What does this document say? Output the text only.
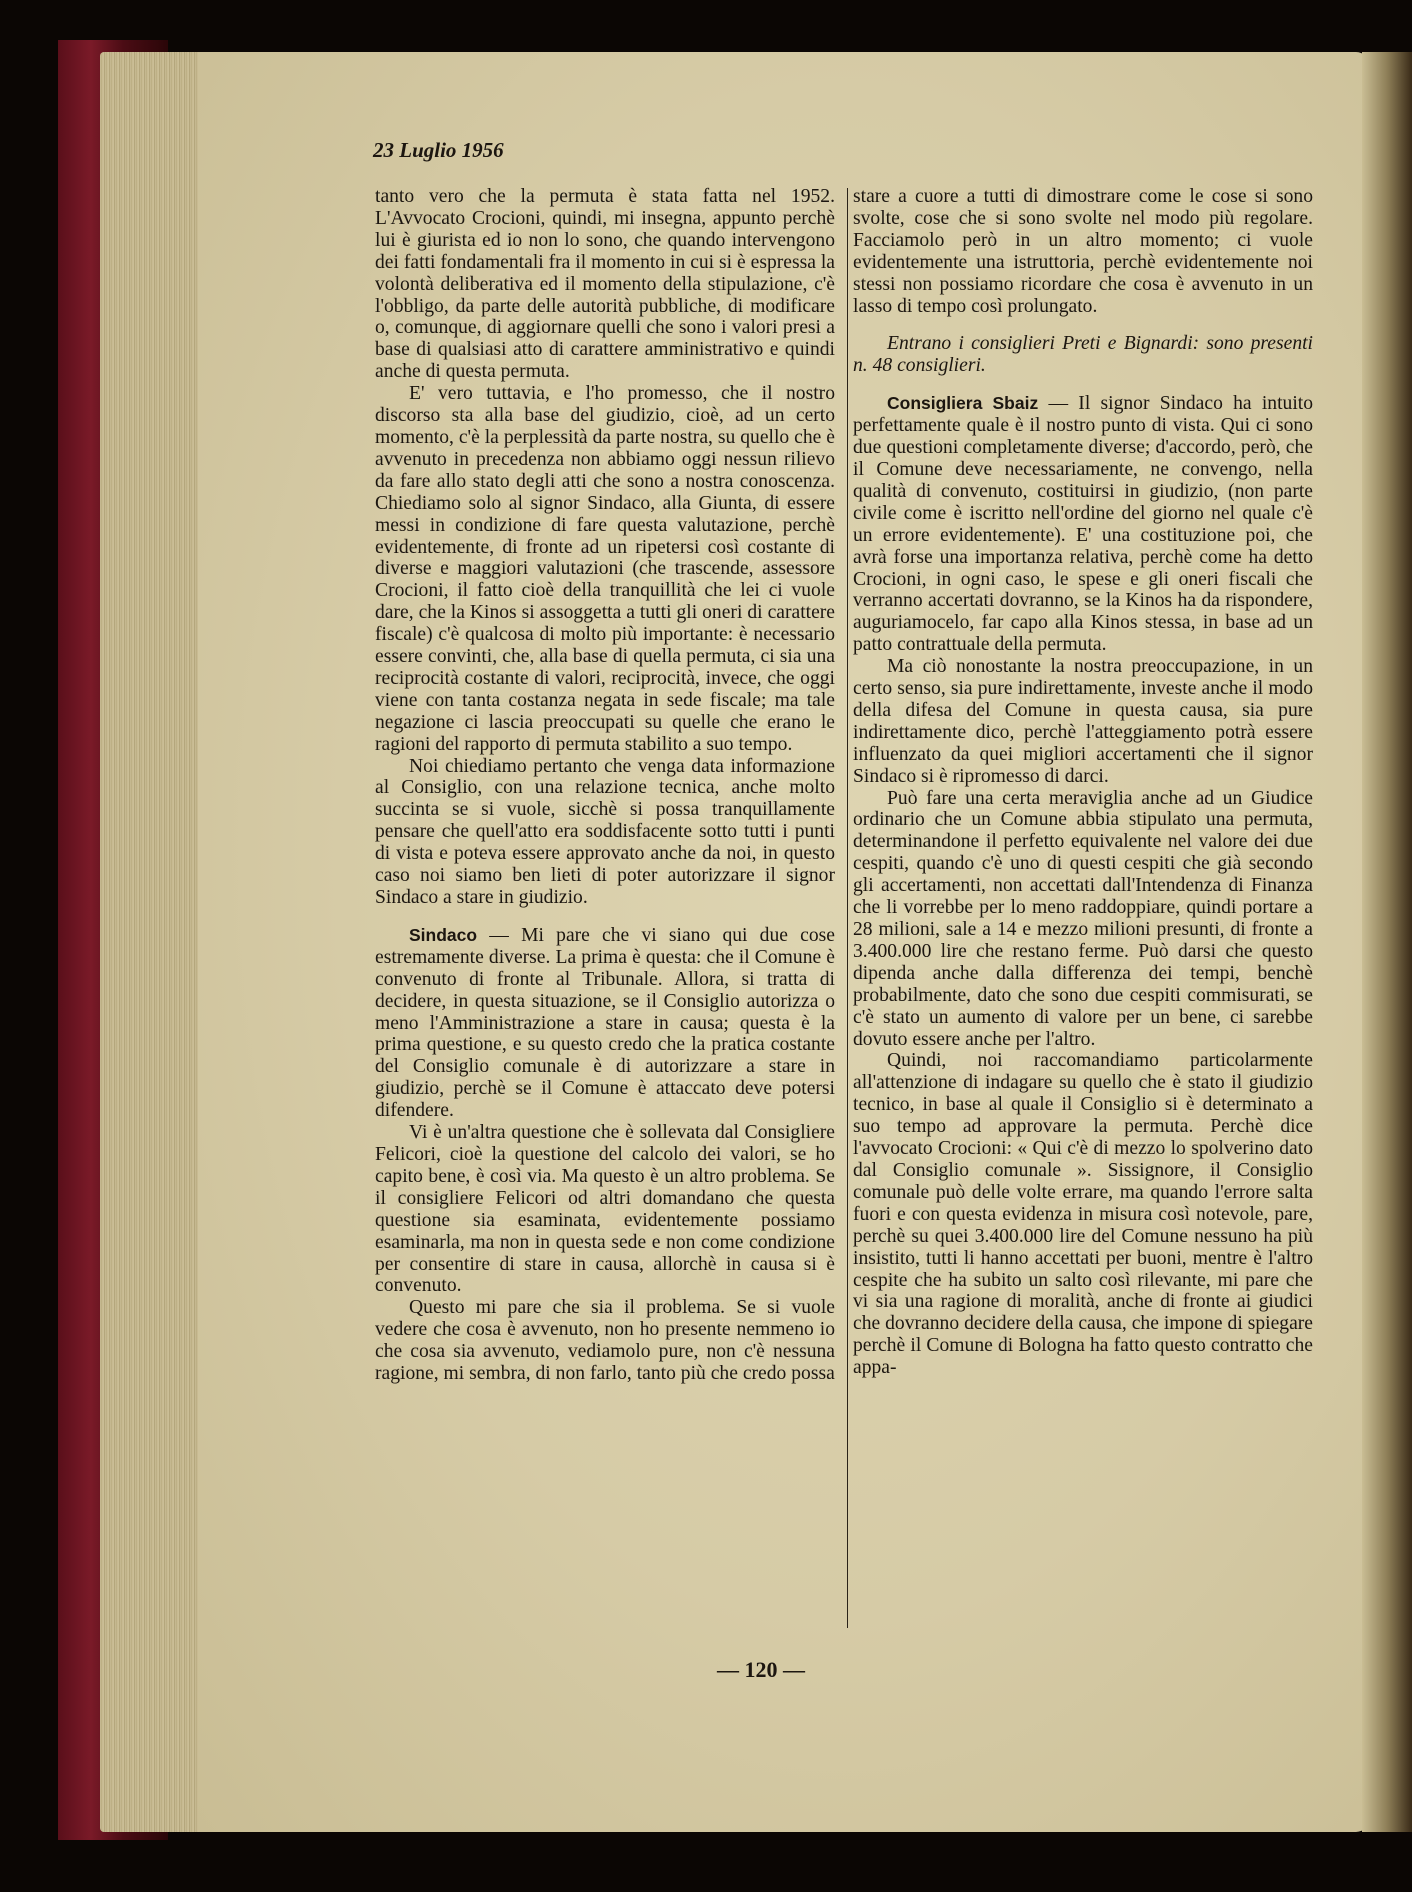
23 Luglio 1956

tanto vero che la permuta è stata fatta nel 1952. L'Avvocato Crocioni, quindi, mi insegna, appunto perchè lui è giurista ed io non lo sono, che quando intervengono dei fatti fondamentali fra il momento in cui si è espressa la volontà deliberativa ed il momento della stipulazione, c'è l'obbligo, da parte delle autorità pubbliche, di modificare o, comunque, di aggiornare quelli che sono i valori presi a base di qualsiasi atto di carattere amministrativo e quindi anche di questa permuta.

E' vero tuttavia, e l'ho promesso, che il nostro discorso sta alla base del giudizio, cioè, ad un certo momento, c'è la perplessità da parte nostra, su quello che è avvenuto in precedenza non abbiamo oggi nessun rilievo da fare allo stato degli atti che sono a nostra conoscenza. Chiediamo solo al signor Sindaco, alla Giunta, di essere messi in condizione di fare questa valutazione, perchè evidentemente, di fronte ad un ripetersi così costante di diverse e maggiori valutazioni (che trascende, assessore Crocioni, il fatto cioè della tranquillità che lei ci vuole dare, che la Kinos si assoggetta a tutti gli oneri di carattere fiscale) c'è qualcosa di molto più importante: è necessario essere convinti, che, alla base di quella permuta, ci sia una reciprocità costante di valori, reciprocità, invece, che oggi viene con tanta costanza negata in sede fiscale; ma tale negazione ci lascia preoccupati su quelle che erano le ragioni del rapporto di permuta stabilito a suo tempo.

Noi chiediamo pertanto che venga data informazione al Consiglio, con una relazione tecnica, anche molto succinta se si vuole, sicchè si possa tranquillamente pensare che quell'atto era soddisfacente sotto tutti i punti di vista e poteva essere approvato anche da noi, in questo caso noi siamo ben lieti di poter autorizzare il signor Sindaco a stare in giudizio.

Sindaco — Mi pare che vi siano qui due cose estremamente diverse. La prima è questa: che il Comune è convenuto di fronte al Tribunale. Allora, si tratta di decidere, in questa situazione, se il Consiglio autorizza o meno l'Amministrazione a stare in causa; questa è la prima questione, e su questo credo che la pratica costante del Consiglio comunale è di autorizzare a stare in giudizio, perchè se il Comune è attaccato deve potersi difendere.

Vi è un'altra questione che è sollevata dal Consigliere Felicori, cioè la questione del calcolo dei valori, se ho capito bene, è così via. Ma questo è un altro problema. Se il consigliere Felicori od altri domandano che questa questione sia esaminata, evidentemente possiamo esaminarla, ma non in questa sede e non come condizione per consentire di stare in causa, allorchè in causa si è convenuto.

Questo mi pare che sia il problema. Se si vuole vedere che cosa è avvenuto, non ho presente nemmeno io che cosa sia avvenuto, vediamolo pure, non c'è nessuna ragione, mi sembra, di non farlo, tanto più che credo possa

stare a cuore a tutti di dimostrare come le cose si sono svolte, cose che si sono svolte nel modo più regolare. Facciamolo però in un altro momento; ci vuole evidentemente una istruttoria, perchè evidentemente noi stessi non possiamo ricordare che cosa è avvenuto in un lasso di tempo così prolungato.

Entrano i consiglieri Preti e Bignardi: sono presenti n. 48 consiglieri.

Consigliera Sbaiz — Il signor Sindaco ha intuito perfettamente quale è il nostro punto di vista. Qui ci sono due questioni completamente diverse; d'accordo, però, che il Comune deve necessariamente, ne convengo, nella qualità di convenuto, costituirsi in giudizio, (non parte civile come è iscritto nell'ordine del giorno nel quale c'è un errore evidentemente). E' una costituzione poi, che avrà forse una importanza relativa, perchè come ha detto Crocioni, in ogni caso, le spese e gli oneri fiscali che verranno accertati dovranno, se la Kinos ha da rispondere, auguriamocelo, far capo alla Kinos stessa, in base ad un patto contrattuale della permuta.

Ma ciò nonostante la nostra preoccupazione, in un certo senso, sia pure indirettamente, investe anche il modo della difesa del Comune in questa causa, sia pure indirettamente dico, perchè l'atteggiamento potrà essere influenzato da quei migliori accertamenti che il signor Sindaco si è ripromesso di darci.

Può fare una certa meraviglia anche ad un Giudice ordinario che un Comune abbia stipulato una permuta, determinandone il perfetto equivalente nel valore dei due cespiti, quando c'è uno di questi cespiti che già secondo gli accertamenti, non accettati dall'Intendenza di Finanza che li vorrebbe per lo meno raddoppiare, quindi portare a 28 milioni, sale a 14 e mezzo milioni presunti, di fronte a 3.400.000 lire che restano ferme. Può darsi che questo dipenda anche dalla differenza dei tempi, benchè probabilmente, dato che sono due cespiti commisurati, se c'è stato un aumento di valore per un bene, ci sarebbe dovuto essere anche per l'altro.

Quindi, noi raccomandiamo particolarmente all'attenzione di indagare su quello che è stato il giudizio tecnico, in base al quale il Consiglio si è determinato a suo tempo ad approvare la permuta. Perchè dice l'avvocato Crocioni: « Qui c'è di mezzo lo spolverino dato dal Consiglio comunale ». Sissignore, il Consiglio comunale può delle volte errare, ma quando l'errore salta fuori e con questa evidenza in misura così notevole, pare, perchè su quei 3.400.000 lire del Comune nessuno ha più insistito, tutti li hanno accettati per buoni, mentre è l'altro cespite che ha subito un salto così rilevante, mi pare che vi sia una ragione di moralità, anche di fronte ai giudici che dovranno decidere della causa, che impone di spiegare perchè il Comune di Bologna ha fatto questo contratto che appa-

— 120 —
